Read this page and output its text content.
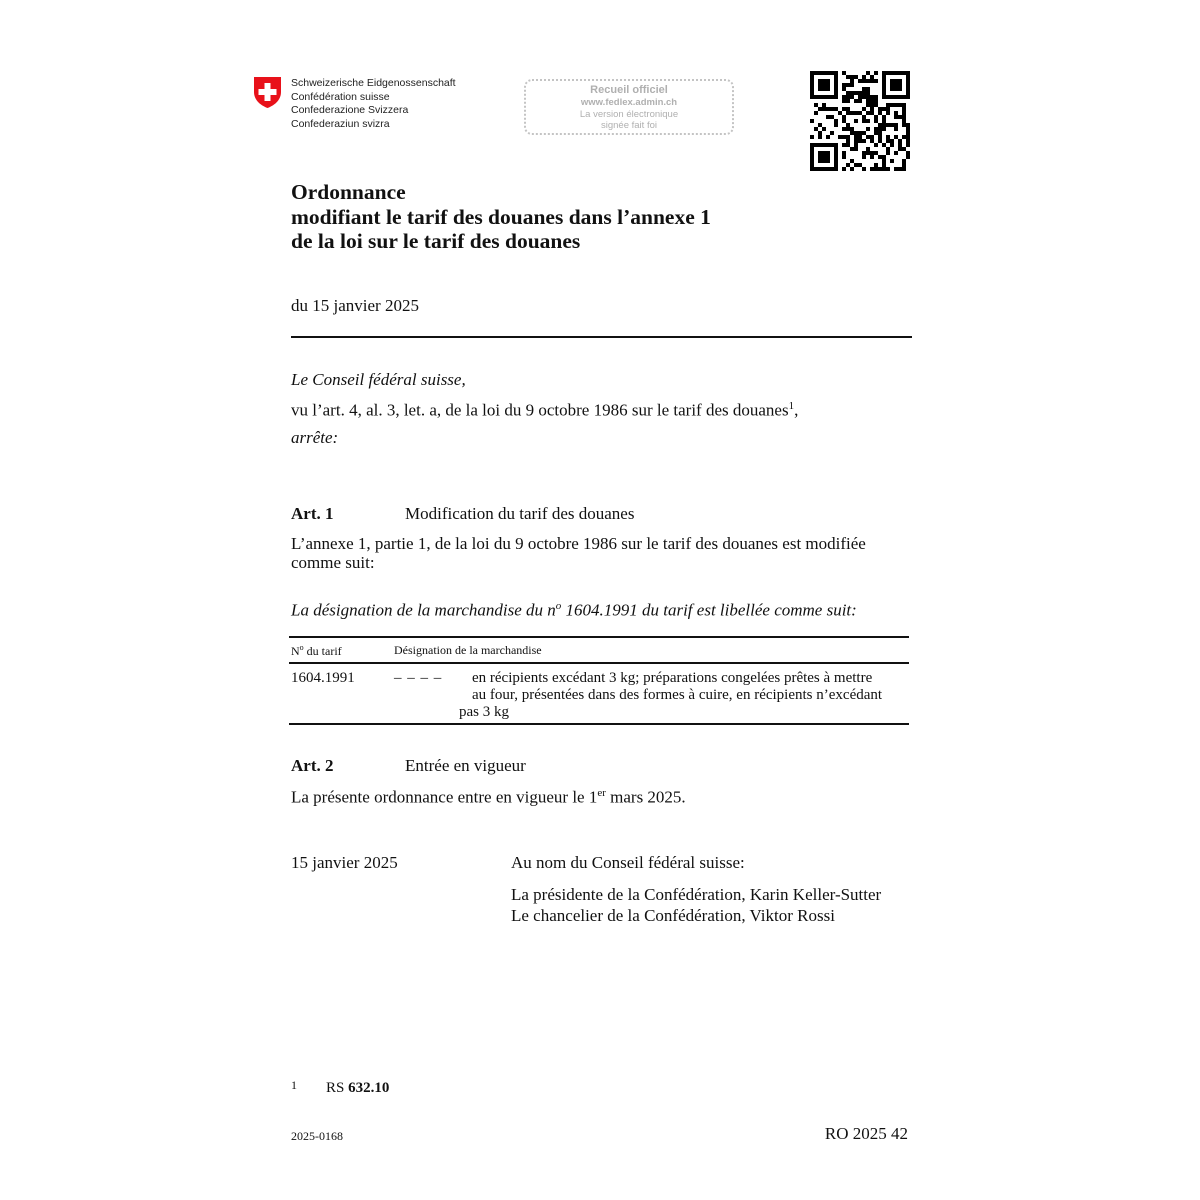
Schweizerische Eidgenossenschaft
Confédération suisse
Confederazione Svizzera
Confederaziun svizra
Recueil officiel
www.fedlex.admin.ch
La version électronique
signée fait foi
Ordonnance
modifiant le tarif des douanes dans l’annexe 1
de la loi sur le tarif des douanes
du 15 janvier 2025
Le Conseil fédéral suisse,
vu l’art. 4, al. 3, let. a, de la loi du 9 octobre 1986 sur le tarif des douanes$^1$,
arrête:
Art. 1	Modification du tarif des douanes
L’annexe 1, partie 1, de la loi du 9 octobre 1986 sur le tarif des douanes est modifiée comme suit:
La désignation de la marchandise du $n^o$ 1604.1991 du tarif est libellée comme suit:
$N^o$ du tarif	Désignation de la marchandise
1604.1991	– – – – en récipients excédant 3 kg; préparations congelées prêtes à mettre
au four, présentées dans des formes à cuire, en récipients n’excédant
pas 3 kg
Art. 2	Entrée en vigueur
La présente ordonnance entre en vigueur le 1er mars 2025.
15 janvier 2025	Au nom du Conseil fédéral suisse:
La présidente de la Confédération, Karin Keller-Sutter
Le chancelier de la Confédération, Viktor Rossi
1 RS 632.10
2025-0168	RO 2025 42
